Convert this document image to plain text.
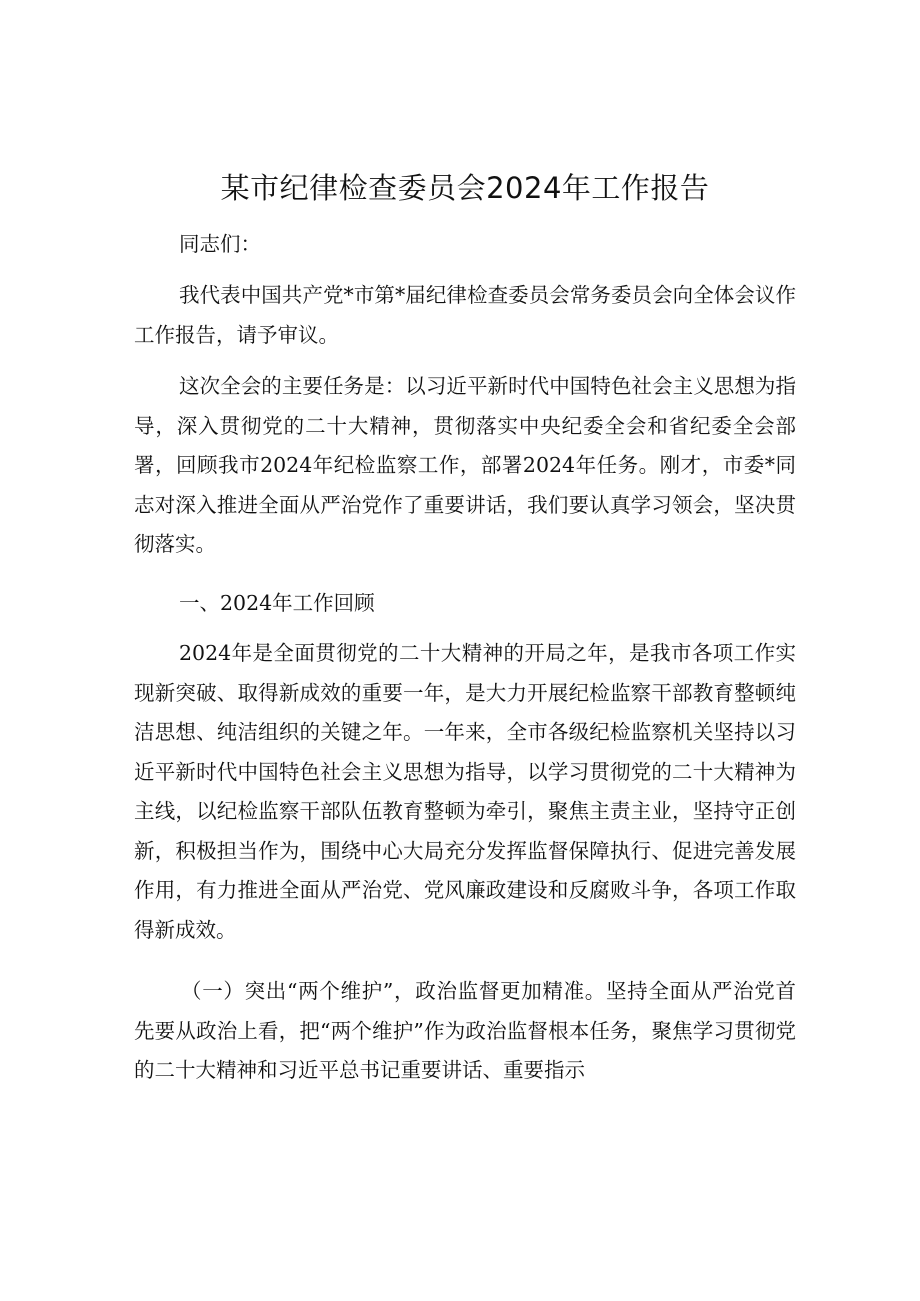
某市纪律检查委员会2024年工作报告

同志们：

我代表中国共产党*市第*届纪律检查委员会常务委员会向全体会议作工作报告，请予审议。

这次全会的主要任务是：以习近平新时代中国特色社会主义思想为指导，深入贯彻党的二十大精神，贯彻落实中央纪委全会和省纪委全会部署，回顾我市2024年纪检监察工作，部署2024年任务。刚才，市委*同志对深入推进全面从严治党作了重要讲话，我们要认真学习领会，坚决贯彻落实。

一、2024年工作回顾

2024年是全面贯彻党的二十大精神的开局之年，是我市各项工作实现新突破、取得新成效的重要一年，是大力开展纪检监察干部教育整顿纯洁思想、纯洁组织的关键之年。一年来，全市各级纪检监察机关坚持以习近平新时代中国特色社会主义思想为指导，以学习贯彻党的二十大精神为主线，以纪检监察干部队伍教育整顿为牵引，聚焦主责主业，坚持守正创新，积极担当作为，围绕中心大局充分发挥监督保障执行、促进完善发展作用，有力推进全面从严治党、党风廉政建设和反腐败斗争，各项工作取得新成效。

（一）突出“两个维护”，政治监督更加精准。坚持全面从严治党首先要从政治上看，把“两个维护”作为政治监督根本任务，聚焦学习贯彻党的二十大精神和习近平总书记重要讲话、重要指示
